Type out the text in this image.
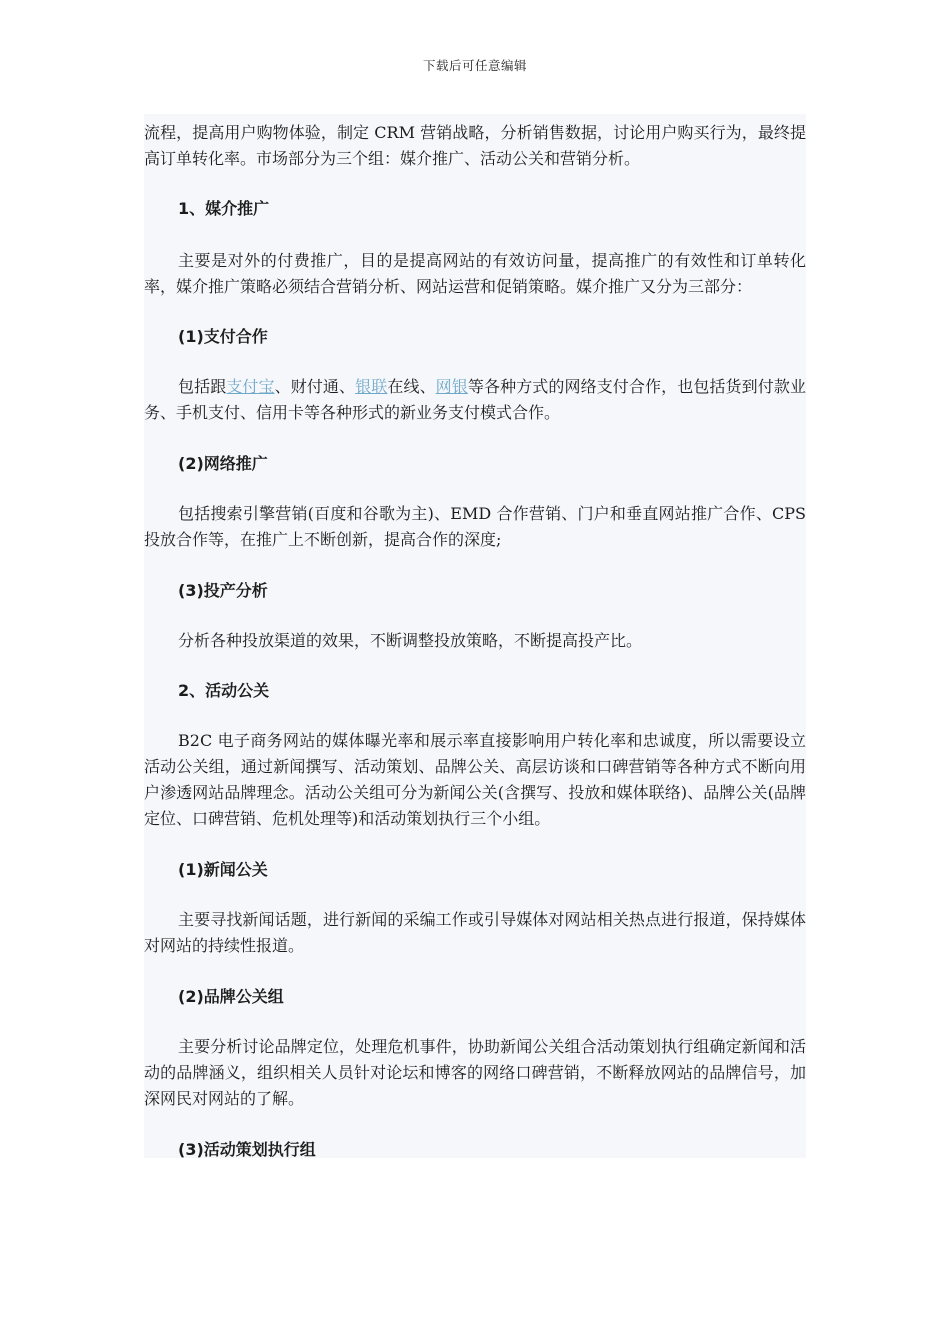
下载后可任意编辑

流程，提高用户购物体验，制定 CRM 营销战略，分析销售数据，讨论用户购买行为，最终提高订单转化率。市场部分为三个组：媒介推广、活动公关和营销分析。

1、媒介推广

主要是对外的付费推广，目的是提高网站的有效访问量，提高推广的有效性和订单转化率，媒介推广策略必须结合营销分析、网站运营和促销策略。媒介推广又分为三部分：

(1)支付合作

包括跟支付宝、财付通、银联在线、网银等各种方式的网络支付合作，也包括货到付款业务、手机支付、信用卡等各种形式的新业务支付模式合作。

(2)网络推广

包括搜索引擎营销(百度和谷歌为主)、EMD 合作营销、门户和垂直网站推广合作、CPS 投放合作等，在推广上不断创新，提高合作的深度;

(3)投产分析

分析各种投放渠道的效果，不断调整投放策略，不断提高投产比。

2、活动公关

B2C 电子商务网站的媒体曝光率和展示率直接影响用户转化率和忠诚度，所以需要设立活动公关组，通过新闻撰写、活动策划、品牌公关、高层访谈和口碑营销等各种方式不断向用户渗透网站品牌理念。活动公关组可分为新闻公关(含撰写、投放和媒体联络)、品牌公关(品牌定位、口碑营销、危机处理等)和活动策划执行三个小组。

(1)新闻公关

主要寻找新闻话题，进行新闻的采编工作或引导媒体对网站相关热点进行报道，保持媒体对网站的持续性报道。

(2)品牌公关组

主要分析讨论品牌定位，处理危机事件，协助新闻公关组合活动策划执行组确定新闻和活动的品牌涵义，组织相关人员针对论坛和博客的网络口碑营销，不断释放网站的品牌信号，加深网民对网站的了解。

(3)活动策划执行组
